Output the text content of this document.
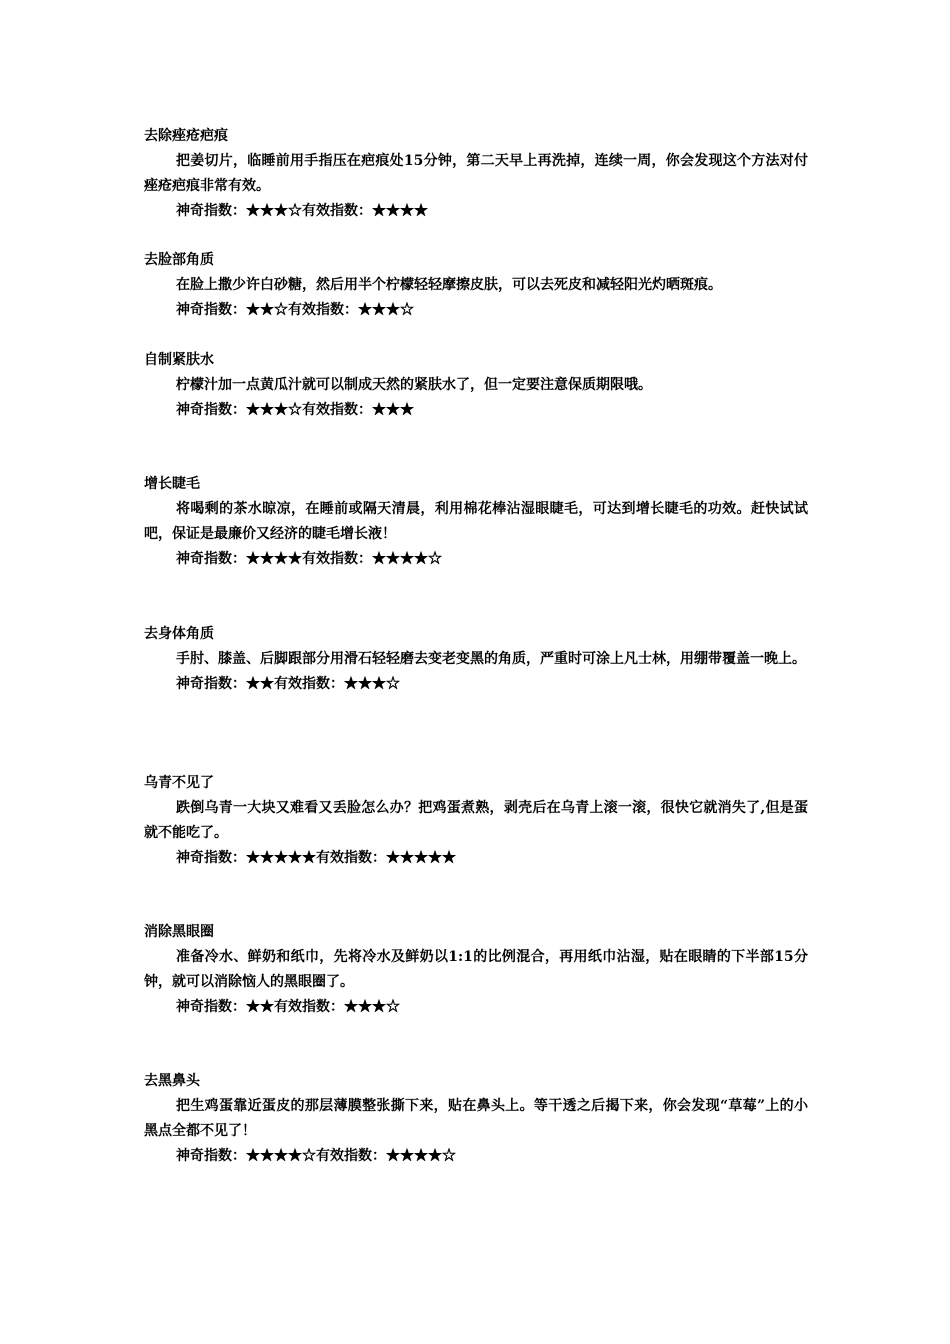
去除痤疮疤痕
把姜切片，临睡前用手指压在疤痕处15分钟，第二天早上再洗掉，连续一周，你会发现这个方法对付痤疮疤痕非常有效。
神奇指数：★★★☆有效指数：★★★★
去脸部角质
在脸上撒少许白砂糖，然后用半个柠檬轻轻摩擦皮肤，可以去死皮和减轻阳光灼晒斑痕。
神奇指数：★★☆有效指数：★★★☆
自制紧肤水
柠檬汁加一点黄瓜汁就可以制成天然的紧肤水了，但一定要注意保质期限哦。
神奇指数：★★★☆有效指数：★★★
增长睫毛
将喝剩的茶水晾凉，在睡前或隔天清晨，利用棉花棒沾湿眼睫毛，可达到增长睫毛的功效。赶快试试吧，保证是最廉价又经济的睫毛增长液！
神奇指数：★★★★有效指数：★★★★☆
去身体角质
手肘、膝盖、后脚跟部分用滑石轻轻磨去变老变黑的角质，严重时可涂上凡士林，用绷带覆盖一晚上。
神奇指数：★★有效指数：★★★☆
乌青不见了
跌倒乌青一大块又难看又丢脸怎么办？把鸡蛋煮熟，剥壳后在乌青上滚一滚，很快它就消失了,但是蛋就不能吃了。
神奇指数：★★★★★有效指数：★★★★★
消除黑眼圈
准备冷水、鲜奶和纸巾，先将冷水及鲜奶以1:1的比例混合，再用纸巾沾湿，贴在眼睛的下半部15分钟，就可以消除恼人的黑眼圈了。
神奇指数：★★有效指数：★★★☆
去黑鼻头
把生鸡蛋靠近蛋皮的那层薄膜整张撕下来，贴在鼻头上。等干透之后揭下来，你会发现“草莓”上的小黑点全都不见了！
神奇指数：★★★★☆有效指数：★★★★☆
